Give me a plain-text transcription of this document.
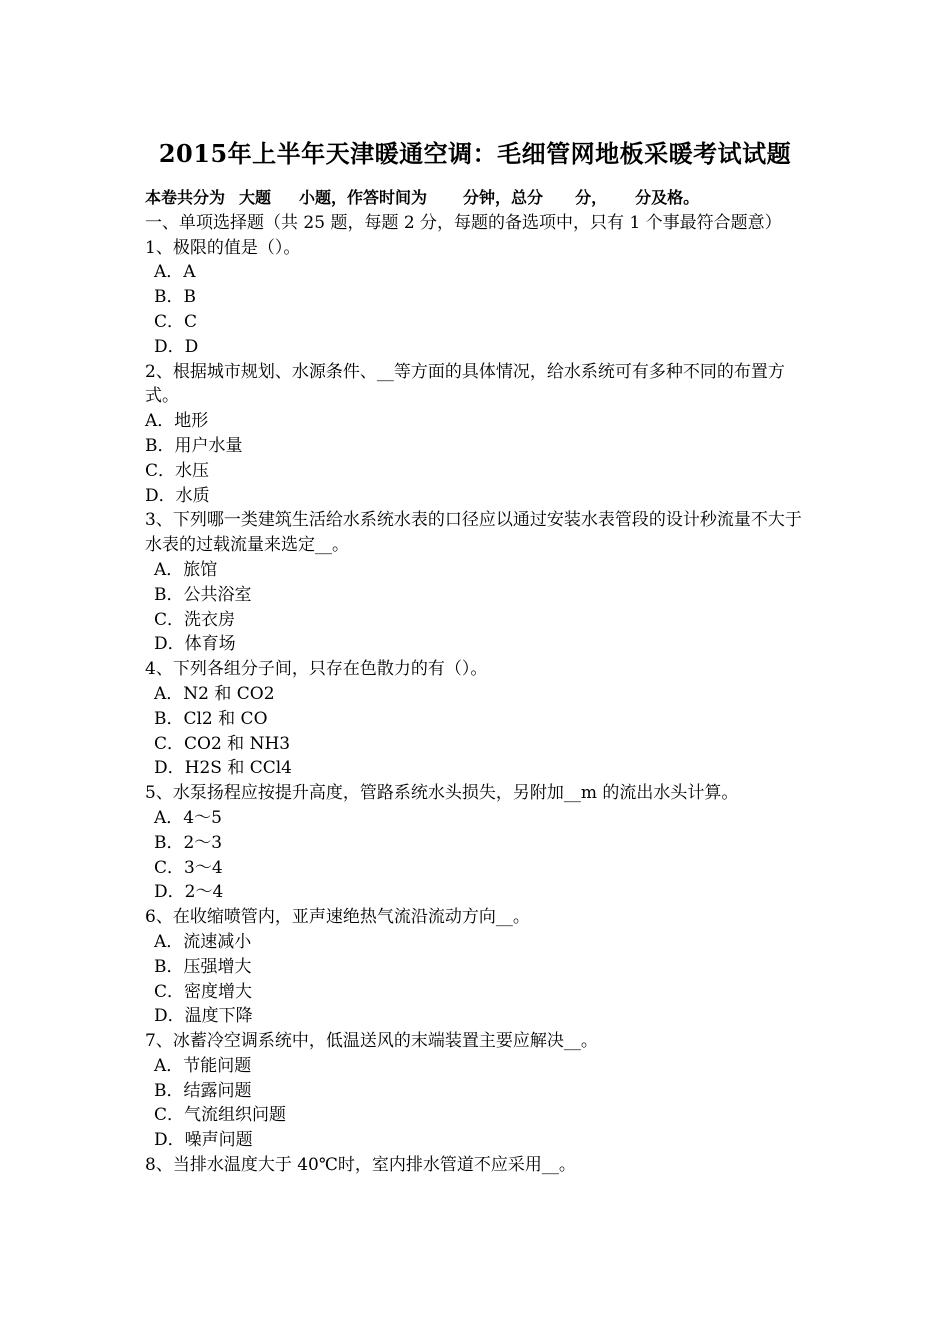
2015年上半年天津暖通空调：毛细管网地板采暖考试试题
本卷共分为 大题 小题，作答时间为 分钟，总分 分， 分及格。
一、单项选择题（共 25 题，每题 2 分，每题的备选项中，只有 1 个事最符合题意）
1、极限的值是（）。
A．A
B．B
C．C
D．D
2、根据城市规划、水源条件、__等方面的具体情况，给水系统可有多种不同的布置方式。
A．地形
B．用户水量
C．水压
D．水质
3、下列哪一类建筑生活给水系统水表的口径应以通过安装水表管段的设计秒流量不大于水表的过载流量来选定__。
A．旅馆
B．公共浴室
C．洗衣房
D．体育场
4、下列各组分子间，只存在色散力的有（）。
A．N2 和 CO2
B．Cl2 和 CO
C．CO2 和 NH3
D．H2S 和 CCl4
5、水泵扬程应按提升高度，管路系统水头损失，另附加__m 的流出水头计算。
A．4～5
B．2～3
C．3～4
D．2～4
6、在收缩喷管内，亚声速绝热气流沿流动方向__。
A．流速减小
B．压强增大
C．密度增大
D．温度下降
7、冰蓄冷空调系统中，低温送风的末端装置主要应解决__。
A．节能问题
B．结露问题
C．气流组织问题
D．噪声问题
8、当排水温度大于 40℃时，室内排水管道不应采用__。
